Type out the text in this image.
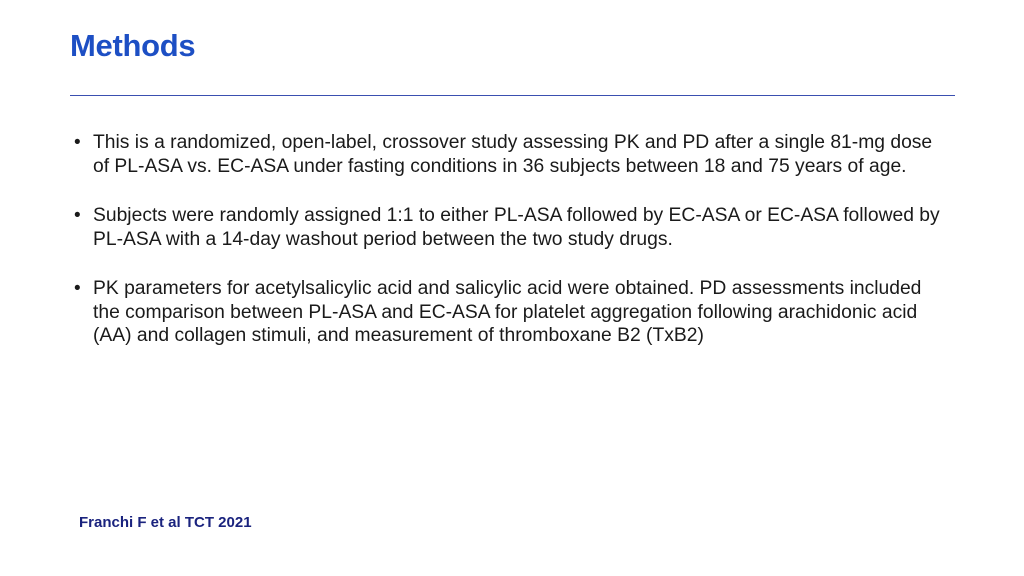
Methods
• This is a randomized, open-label, crossover study assessing PK and PD after a single 81-mg dose of PL-ASA vs. EC-ASA under fasting conditions in 36 subjects between 18 and 75 years of age.
• Subjects were randomly assigned 1:1 to either PL-ASA followed by EC-ASA or EC-ASA followed by PL-ASA with a 14-day washout period between the two study drugs.
• PK parameters for acetylsalicylic acid and salicylic acid were obtained. PD assessments included the comparison between PL-ASA and EC-ASA for platelet aggregation following arachidonic acid (AA) and collagen stimuli, and measurement of thromboxane B2 (TxB2)
Franchi F et al TCT 2021
